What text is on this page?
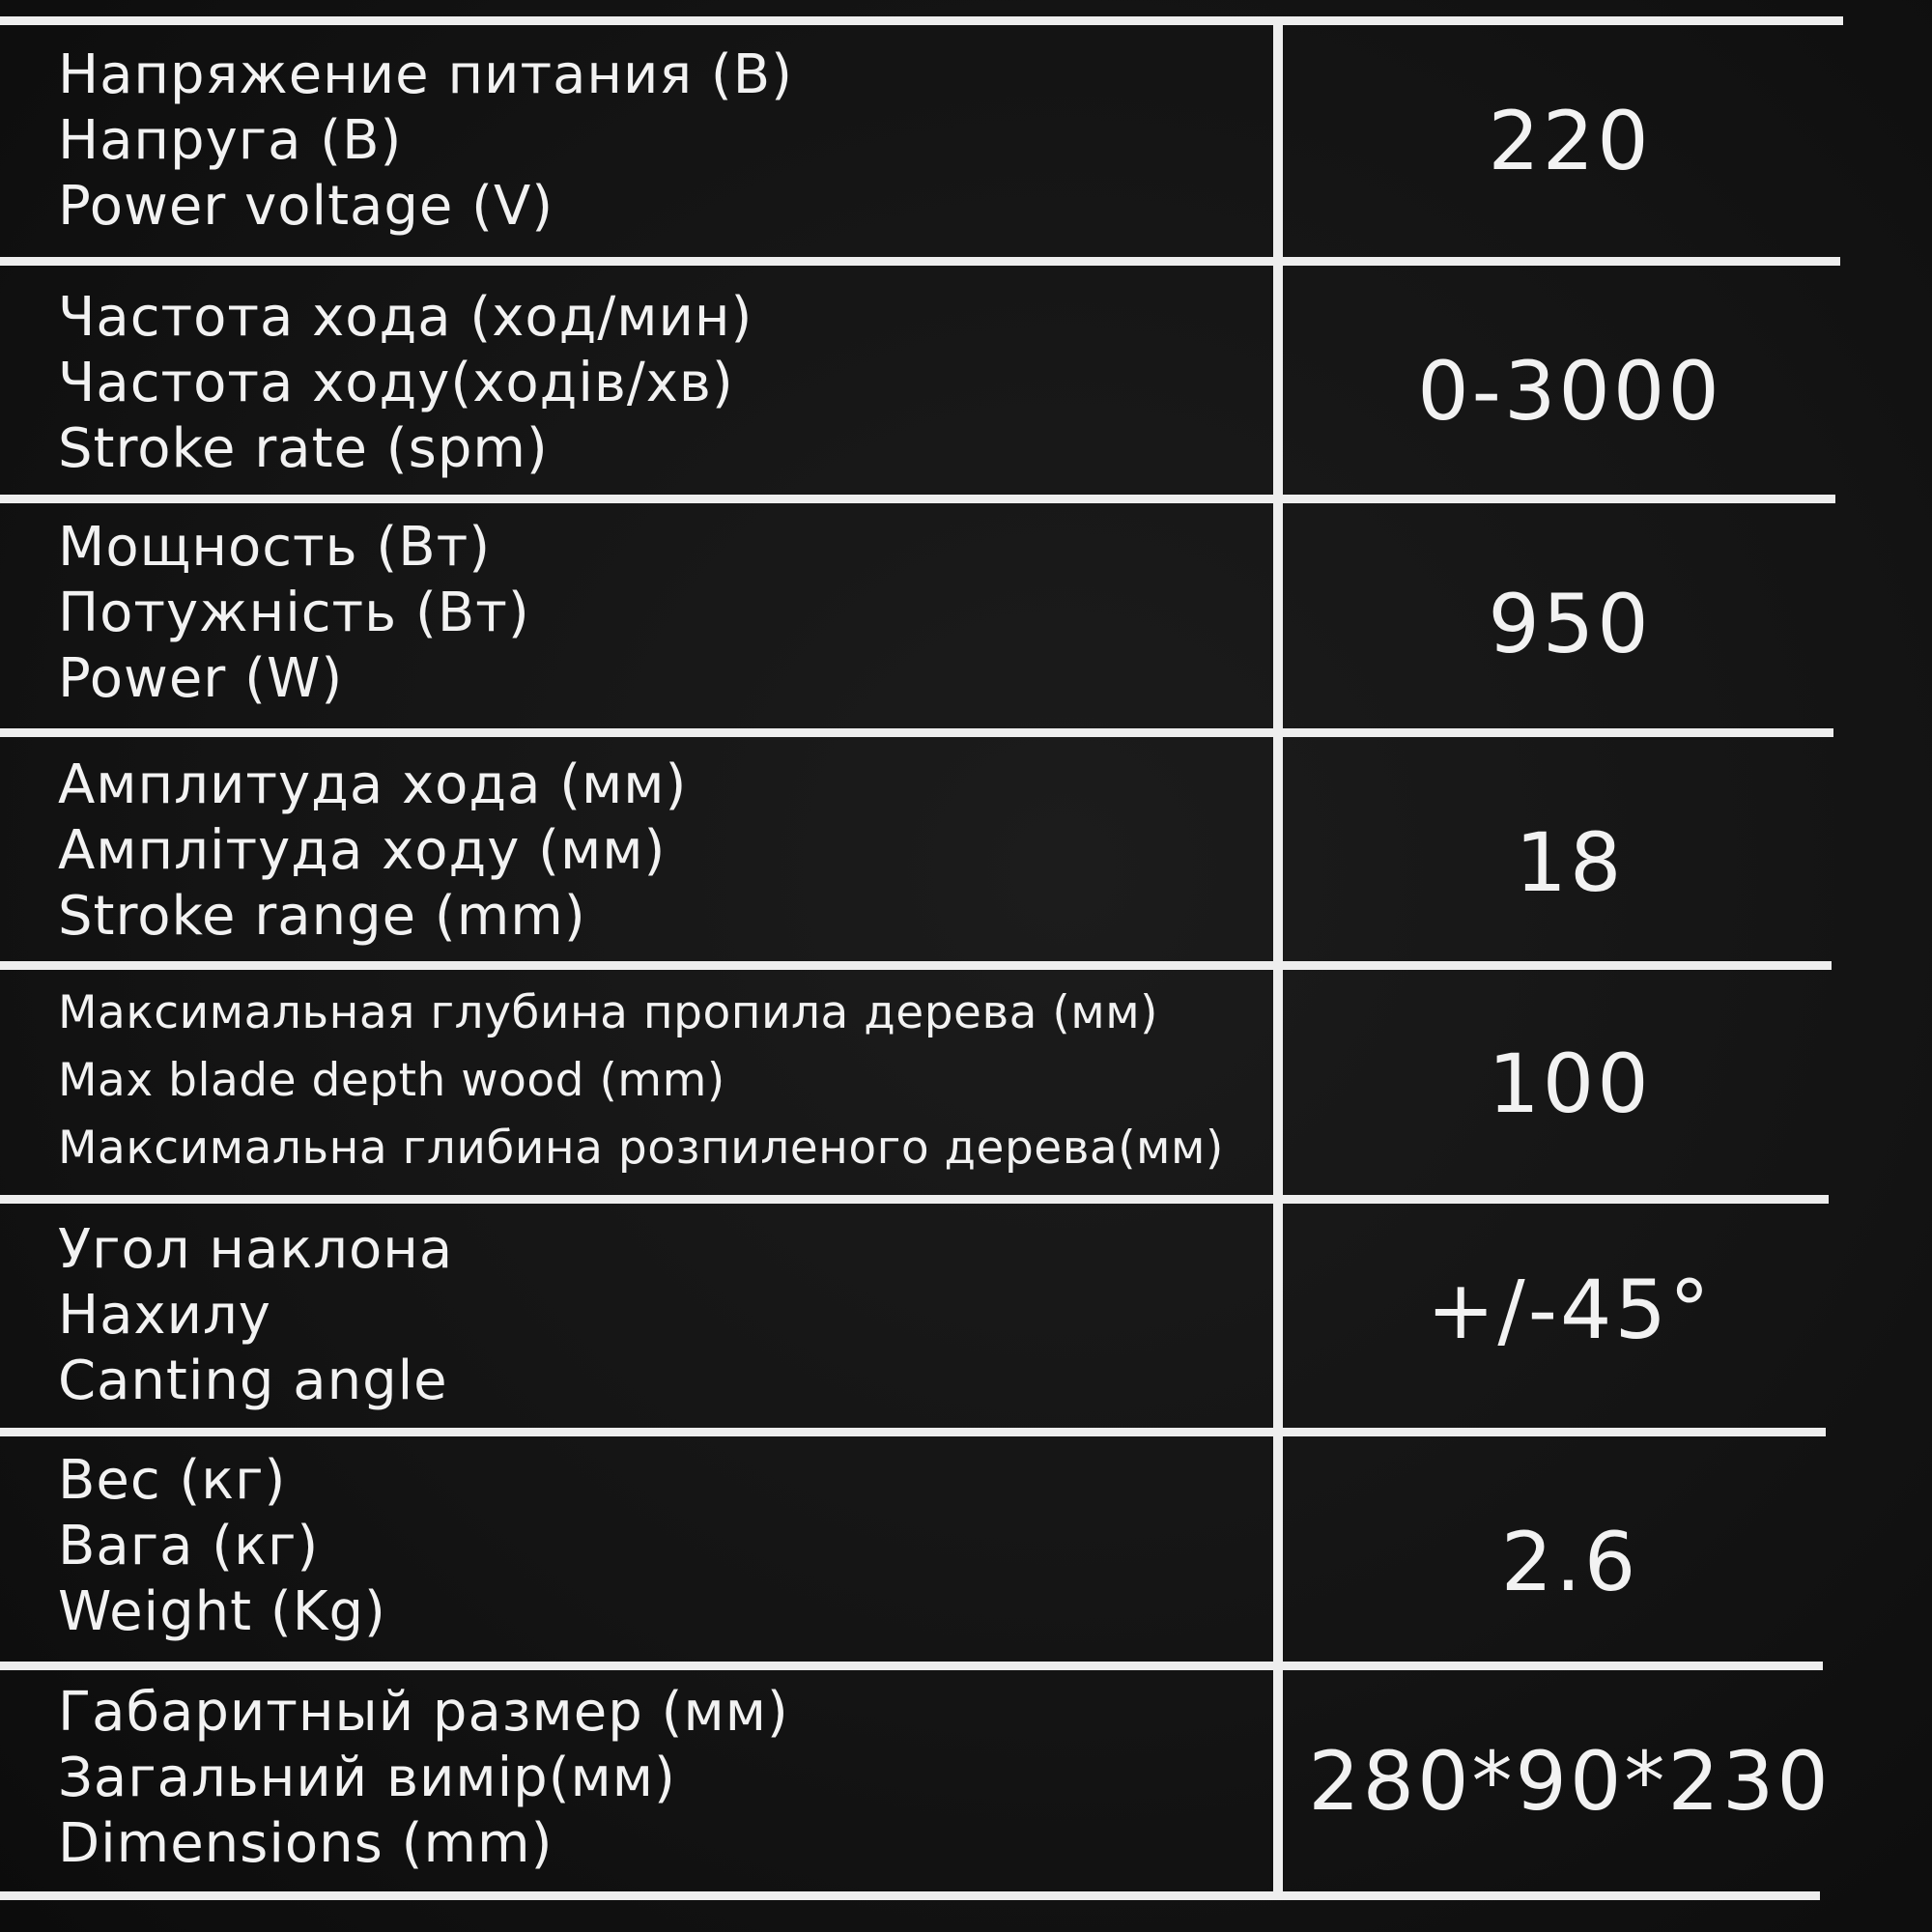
Напряжение питания (В)
Напруга (В)
Power voltage (V)
220
Частота хода (ход/мин)
Частота ходу(ходів/хв)
Stroke rate (spm)
0-3000
Мощность (Вт)
Потужність (Вт)
Power (W)
950
Амплитуда хода (мм)
Амплітуда ходу (мм)
Stroke range (mm)
18
Максимальная глубина пропила дерева (мм)
Max blade depth wood (mm)
Максимальна глибина розпиленого дерева(мм)
100
Угол наклона
Нахилу
Canting angle
+/-45°
Вес (кг)
Вага (кг)
Weight (Kg)
2.6
Габаритный размер (мм)
Загальний вимір(мм)
Dimensions (mm)
280*90*230
